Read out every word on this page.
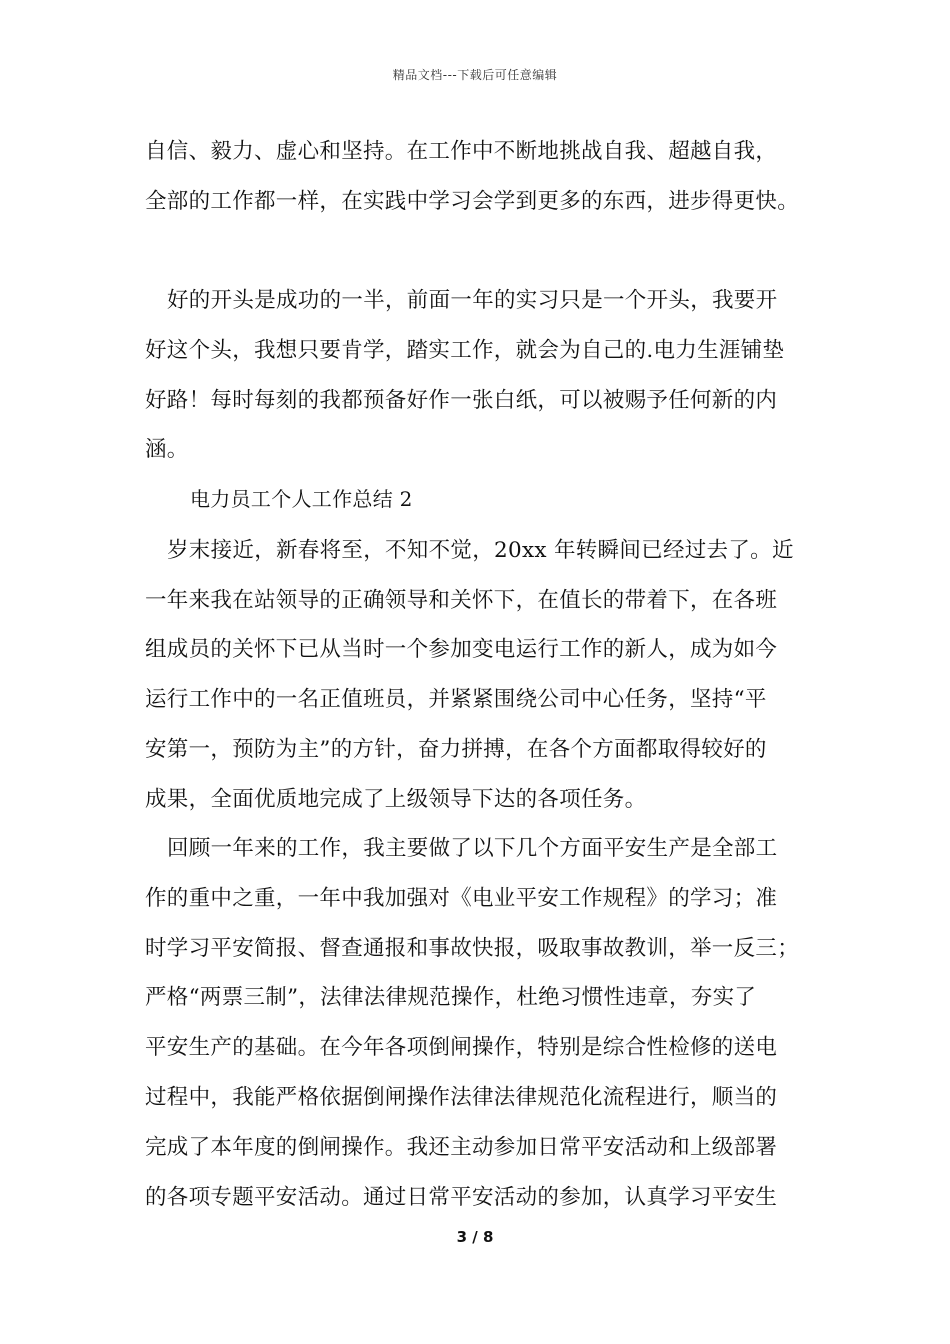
精品文档---下载后可任意编辑
自信、毅力、虚心和坚持。在工作中不断地挑战自我、超越自我，
全部的工作都一样，在实践中学习会学到更多的东西，进步得更快。
好的开头是成功的一半，前面一年的实习只是一个开头，我要开
好这个头，我想只要肯学，踏实工作，就会为自己的.电力生涯铺垫
好路！每时每刻的我都预备好作一张白纸，可以被赐予任何新的内
涵。
电力员工个人工作总结 2
岁末接近，新春将至，不知不觉，20xx 年转瞬间已经过去了。近
一年来我在站领导的正确领导和关怀下，在值长的带着下，在各班
组成员的关怀下已从当时一个参加变电运行工作的新人，成为如今
运行工作中的一名正值班员，并紧紧围绕公司中心任务，坚持“平
安第一，预防为主”的方针，奋力拼搏，在各个方面都取得较好的
成果，全面优质地完成了上级领导下达的各项任务。
回顾一年来的工作，我主要做了以下几个方面平安生产是全部工
作的重中之重，一年中我加强对《电业平安工作规程》的学习；准
时学习平安简报、督查通报和事故快报，吸取事故教训，举一反三；
严格“两票三制”，法律法律规范操作，杜绝习惯性违章，夯实了
平安生产的基础。在今年各项倒闸操作，特别是综合性检修的送电
过程中，我能严格依据倒闸操作法律法律规范化流程进行，顺当的
完成了本年度的倒闸操作。我还主动参加日常平安活动和上级部署
的各项专题平安活动。通过日常平安活动的参加，认真学习平安生
3 / 8
